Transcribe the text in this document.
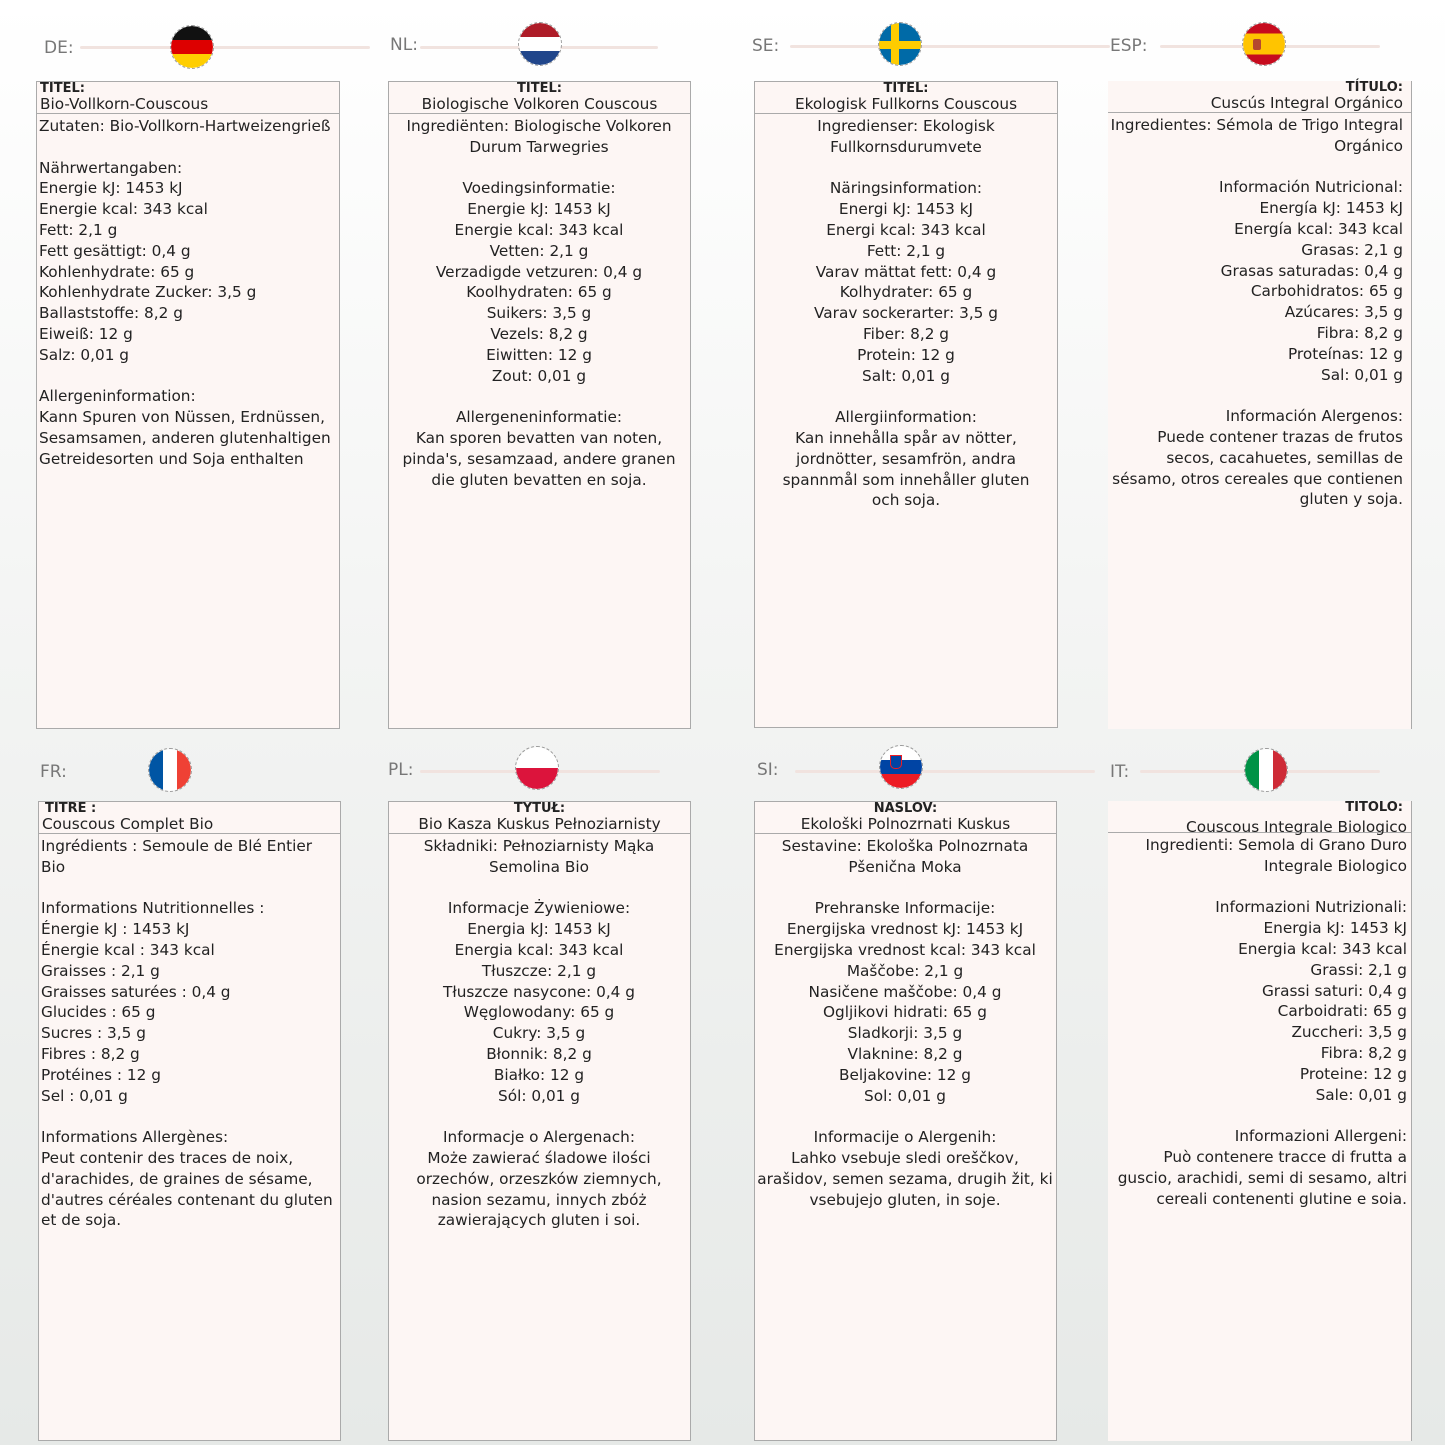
DE:	NL:	SE:	ESP:
TITEL:
Bio-Vollkorn-Couscous
Zutaten: Bio-Vollkorn-Hartweizengrieß

Nährwertangaben:
Energie kJ: 1453 kJ
Energie kcal: 343 kcal
Fett: 2,1 g
Fett gesättigt: 0,4 g
Kohlenhydrate: 65 g
Kohlenhydrate Zucker: 3,5 g
Ballaststoffe: 8,2 g
Eiweiß: 12 g
Salz: 0,01 g

Allergeninformation:
Kann Spuren von Nüssen, Erdnüssen, Sesamsamen, anderen glutenhaltigen Getreidesorten und Soja enthalten
TITEL:
Biologische Volkoren Couscous
Ingrediënten: Biologische Volkoren Durum Tarwegries

Voedingsinformatie:
Energie kJ: 1453 kJ
Energie kcal: 343 kcal
Vetten: 2,1 g
Verzadigde vetzuren: 0,4 g
Koolhydraten: 65 g
Suikers: 3,5 g
Vezels: 8,2 g
Eiwitten: 12 g
Zout: 0,01 g

Allergeneninformatie:
Kan sporen bevatten van noten, pinda's, sesamzaad, andere granen die gluten bevatten en soja.
TITEL:
Ekologisk Fullkorns Couscous
Ingredienser: Ekologisk Fullkornsdurumvete

Näringsinformation:
Energi kJ: 1453 kJ
Energi kcal: 343 kcal
Fett: 2,1 g
Varav mättat fett: 0,4 g
Kolhydrater: 65 g
Varav sockerarter: 3,5 g
Fiber: 8,2 g
Protein: 12 g
Salt: 0,01 g

Allergiinformation:
Kan innehålla spår av nötter, jordnötter, sesamfrön, andra spannmål som innehåller gluten och soja.
TÍTULO:
Cuscús Integral Orgánico
Ingredientes: Sémola de Trigo Integral Orgánico

Información Nutricional:
Energía kJ: 1453 kJ
Energía kcal: 343 kcal
Grasas: 2,1 g
Grasas saturadas: 0,4 g
Carbohidratos: 65 g
Azúcares: 3,5 g
Fibra: 8,2 g
Proteínas: 12 g
Sal: 0,01 g

Información Alergenos:
Puede contener trazas de frutos secos, cacahuetes, semillas de sésamo, otros cereales que contienen gluten y soja.
FR:	PL:	SI:	IT:
TITRE :
Couscous Complet Bio
Ingrédients : Semoule de Blé Entier Bio

Informations Nutritionnelles :
Énergie kJ : 1453 kJ
Énergie kcal : 343 kcal
Graisses : 2,1 g
Graisses saturées : 0,4 g
Glucides : 65 g
Sucres : 3,5 g
Fibres : 8,2 g
Protéines : 12 g
Sel : 0,01 g

Informations Allergènes:
Peut contenir des traces de noix, d'arachides, de graines de sésame, d'autres céréales contenant du gluten et de soja.
TYTUŁ:
Bio Kasza Kuskus Pełnoziarnisty
Składniki: Pełnoziarnisty Mąka Semolina Bio

Informacje Żywieniowe:
Energia kJ: 1453 kJ
Energia kcal: 343 kcal
Tłuszcze: 2,1 g
Tłuszcze nasycone: 0,4 g
Węglowodany: 65 g
Cukry: 3,5 g
Błonnik: 8,2 g
Białko: 12 g
Sól: 0,01 g

Informacje o Alergenach:
Może zawierać śladowe ilości orzechów, orzeszków ziemnych, nasion sezamu, innych zbóż zawierających gluten i soi.
NASLOV:
Ekološki Polnozrnati Kuskus
Sestavine: Ekološka Polnozrnata Pšenična Moka

Prehranske Informacije:
Energijska vrednost kJ: 1453 kJ
Energijska vrednost kcal: 343 kcal
Maščobe: 2,1 g
Nasičene maščobe: 0,4 g
Ogljikovi hidrati: 65 g
Sladkorji: 3,5 g
Vlaknine: 8,2 g
Beljakovine: 12 g
Sol: 0,01 g

Informacije o Alergenih:
Lahko vsebuje sledi oreščkov, arašidov, semen sezama, drugih žit, ki vsebujejo gluten, in soje.
TITOLO:
Couscous Integrale Biologico
Ingredienti: Semola di Grano Duro Integrale Biologico

Informazioni Nutrizionali:
Energia kJ: 1453 kJ
Energia kcal: 343 kcal
Grassi: 2,1 g
Grassi saturi: 0,4 g
Carboidrati: 65 g
Zuccheri: 3,5 g
Fibra: 8,2 g
Proteine: 12 g
Sale: 0,01 g

Informazioni Allergeni:
Può contenere tracce di frutta a guscio, arachidi, semi di sesamo, altri cereali contenenti glutine e soia.
